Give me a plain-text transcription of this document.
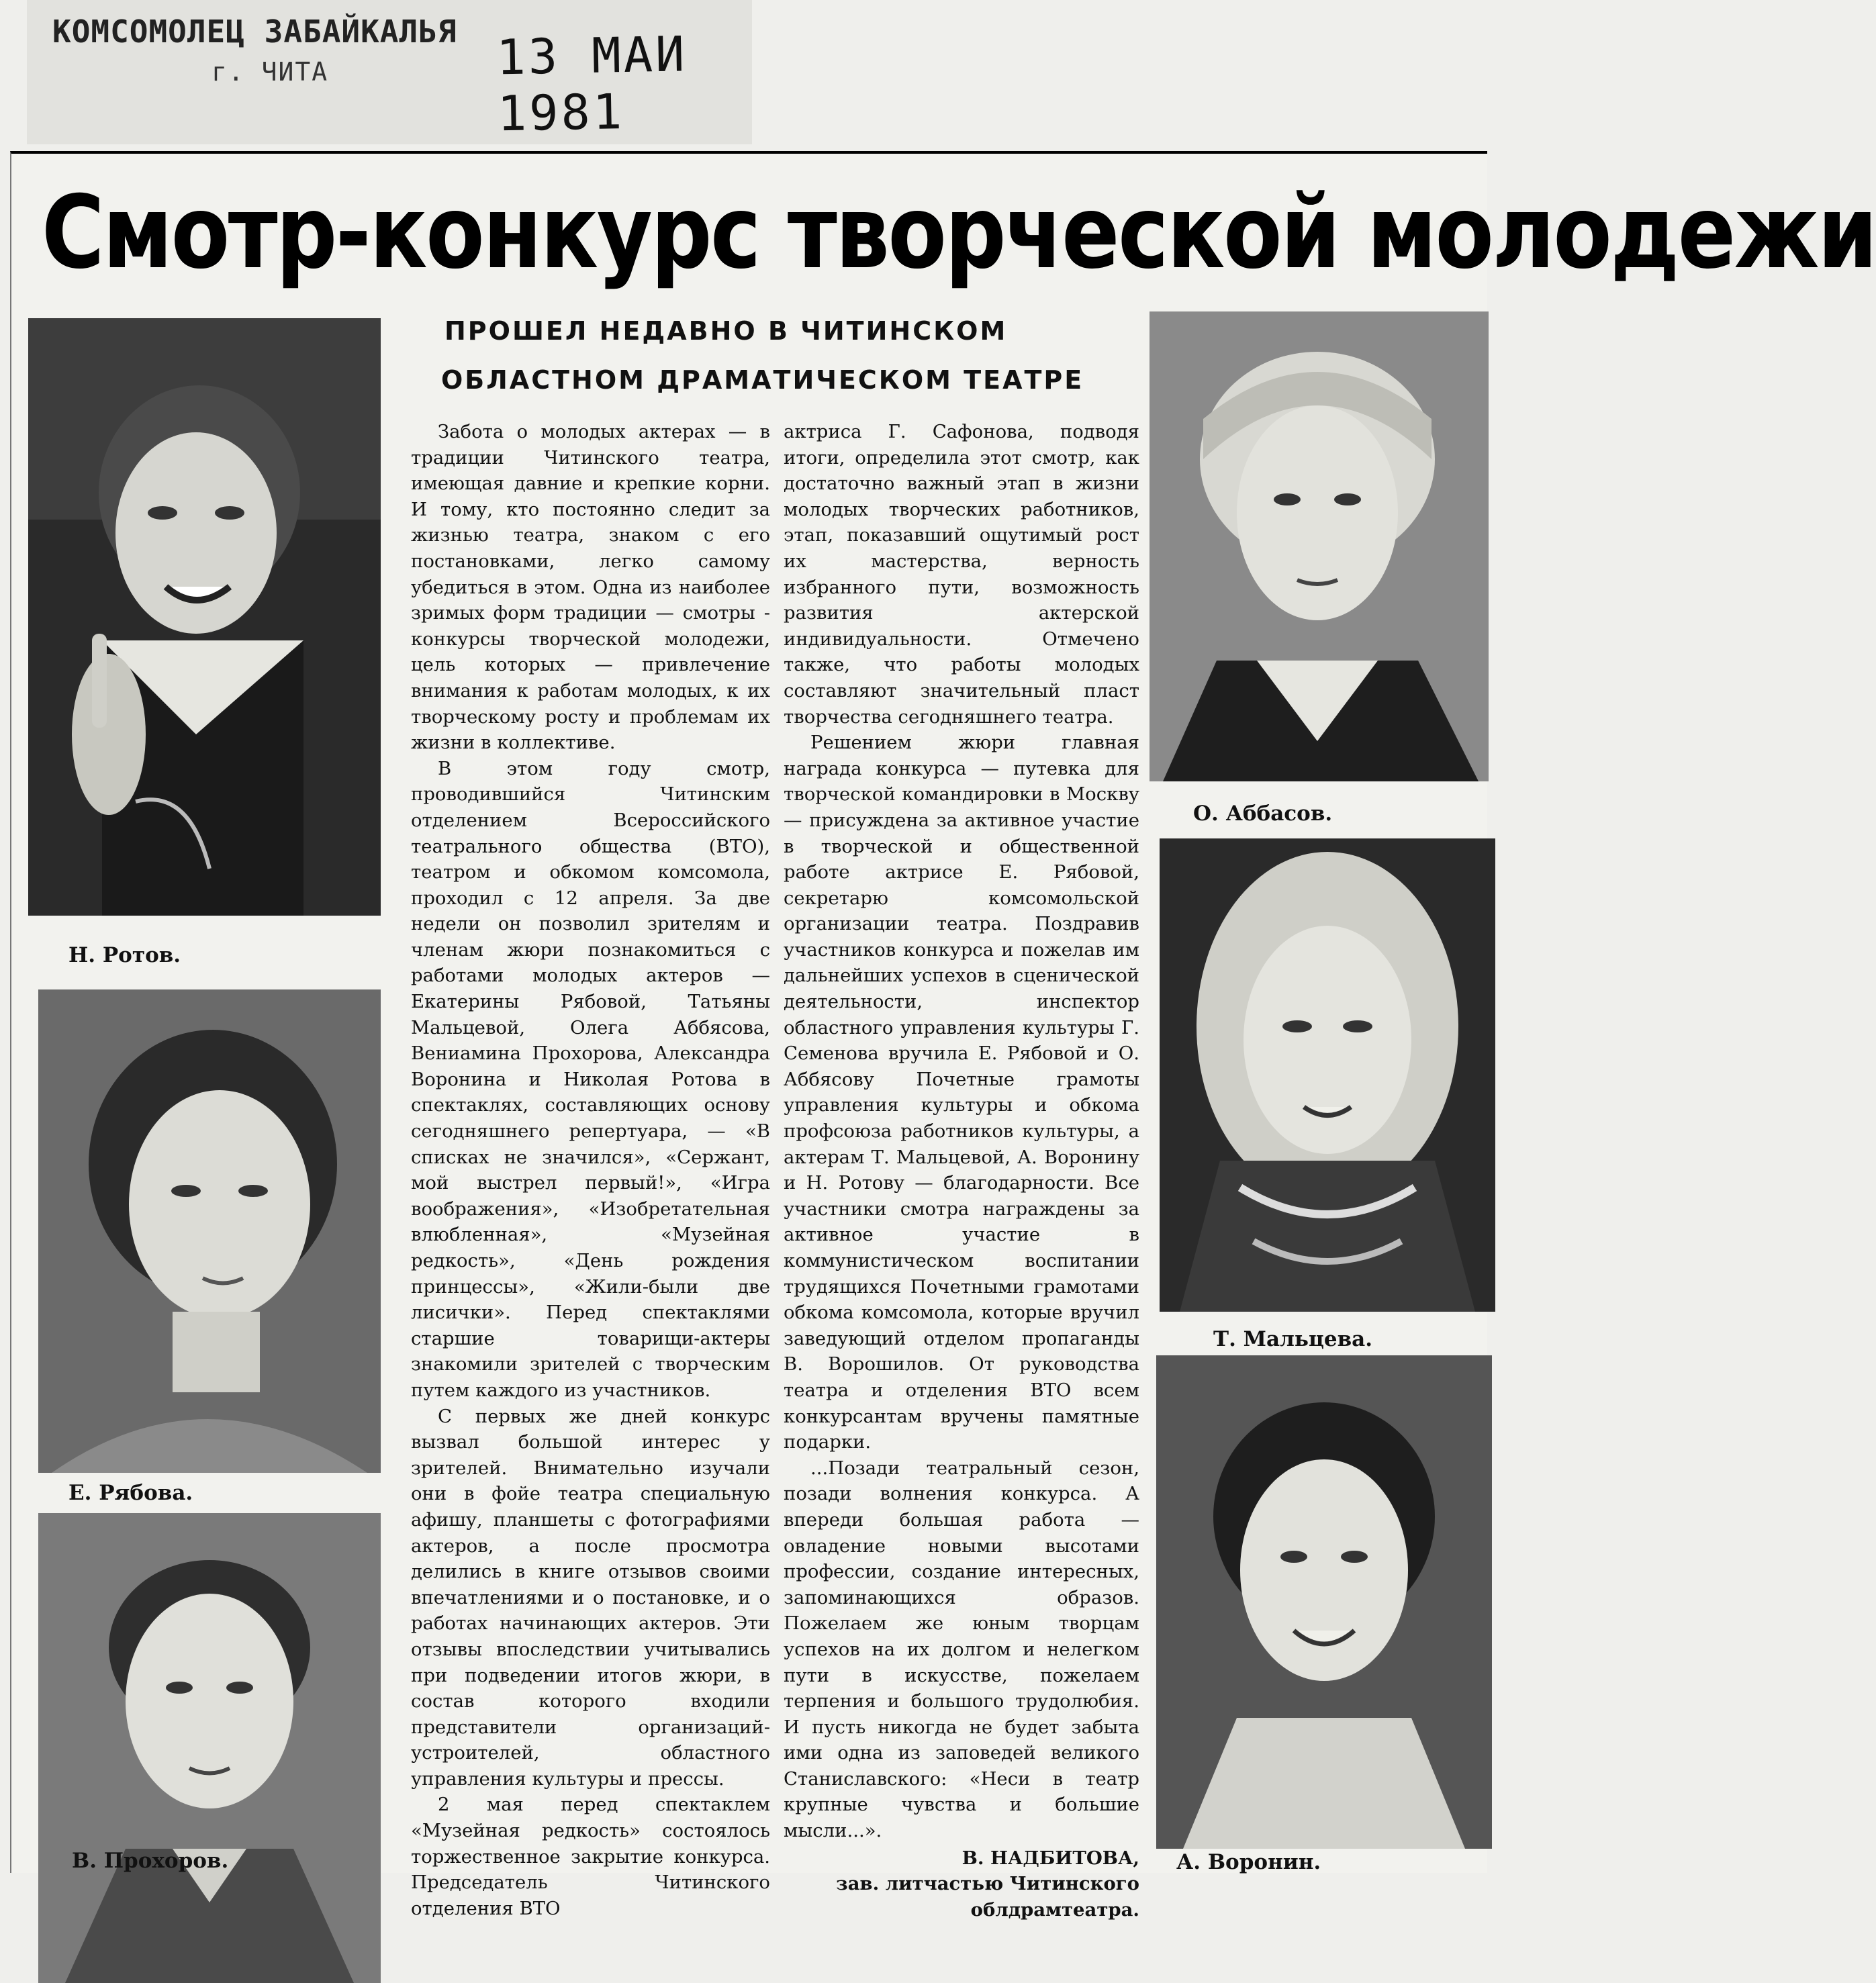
КОМСОМОЛЕЦ ЗАБАЙКАЛЬЯ
г. ЧИТА	13 МАИ 1981
Смотр-конкурс творческой молодежи
ПРОШЕЛ НЕДАВНО В ЧИТИНСКОМ
ОБЛАСТНОМ ДРАМАТИЧЕСКОМ ТЕАТРЕ
Н. Ротов.
Е. Рябова.
В. Прохоров.

Забота о молодых актерах — в традиции Читинского театра, имеющая давние и крепкие корни. И тому, кто постоянно следит за жизнью театра, знаком с его постановками, легко самому убедиться в этом. Одна из наиболее зримых форм традиции — смотры - конкурсы творческой молодежи, цель которых — привлечение внимания к работам молодых, к их творческому росту и проблемам их жизни в коллективе.

В этом году смотр, проводившийся Читинским отделением Всероссийского театрального общества (ВТО), театром и обкомом комсомола, проходил с 12 апреля. За две недели он позволил зрителям и членам жюри познакомиться с работами молодых актеров — Екатерины Рябовой, Татьяны Мальцевой, Олега Аббясова, Вениамина Прохорова, Александра Воронина и Николая Ротова в спектаклях, составляющих основу сегодняшнего репертуара, — «В списках не значился», «Сержант, мой выстрел первый!», «Игра воображения», «Изобретательная влюбленная», «Музейная редкость», «День рождения принцессы», «Жили-были две лисички». Перед спектаклями старшие товарищи-актеры знакомили зрителей с творческим путем каждого из участников.

С первых же дней конкурс вызвал большой интерес у зрителей. Внимательно изучали они в фойе театра специальную афишу, планшеты с фотографиями актеров, а после просмотра делились в книге отзывов своими впечатлениями и о постановке, и о работах начинающих актеров. Эти отзывы впоследствии учитывались при подведении итогов жюри, в состав которого входили представители организаций-устроителей, областного управления культуры и прессы.

2 мая перед спектаклем «Музейная редкость» состоялось торжественное закрытие конкурса. Председатель Читинского отделения ВТО

актриса Г. Сафонова, подводя итоги, определила этот смотр, как достаточно важный этап в жизни молодых творческих работников, этап, показавший ощутимый рост их мастерства, верность избранного пути, возможность развития актерской индивидуальности. Отмечено также, что работы молодых составляют значительный пласт творчества сегодняшнего театра.

Решением жюри главная награда конкурса — путевка для творческой командировки в Москву — присуждена за активное участие в творческой и общественной работе актрисе Е. Рябовой, секретарю комсомольской организации театра. Поздравив участников конкурса и пожелав им дальнейших успехов в сценической деятельности, инспектор областного управления культуры Г. Семенова вручила Е. Рябовой и О. Аббясову Почетные грамоты управления культуры и обкома профсоюза работников культуры, а актерам Т. Мальцевой, А. Воронину и Н. Ротову — благодарности. Все участники смотра награждены за активное участие в коммунистическом воспитании трудящихся Почетными грамотами обкома комсомола, которые вручил заведующий отделом пропаганды В. Ворошилов. От руководства театра и отделения ВТО всем конкурсантам вручены памятные подарки.

...Позади театральный сезон, позади волнения конкурса. А впереди большая работа — овладение новыми высотами профессии, создание интересных, запоминающихся образов. Пожелаем же юным творцам успехов на их долгом и нелегком пути в искусстве, пожелаем терпения и большого трудолюбия. И пусть никогда не будет забыта ими одна из заповедей великого Станиславского: «Неси в театр крупные чувства и большие мысли...».

В. НАДБИТОВА,

зав. литчастью Читинского облдрамтеатра.

О. Аббасов.
Т. Мальцева.
А. Воронин.
